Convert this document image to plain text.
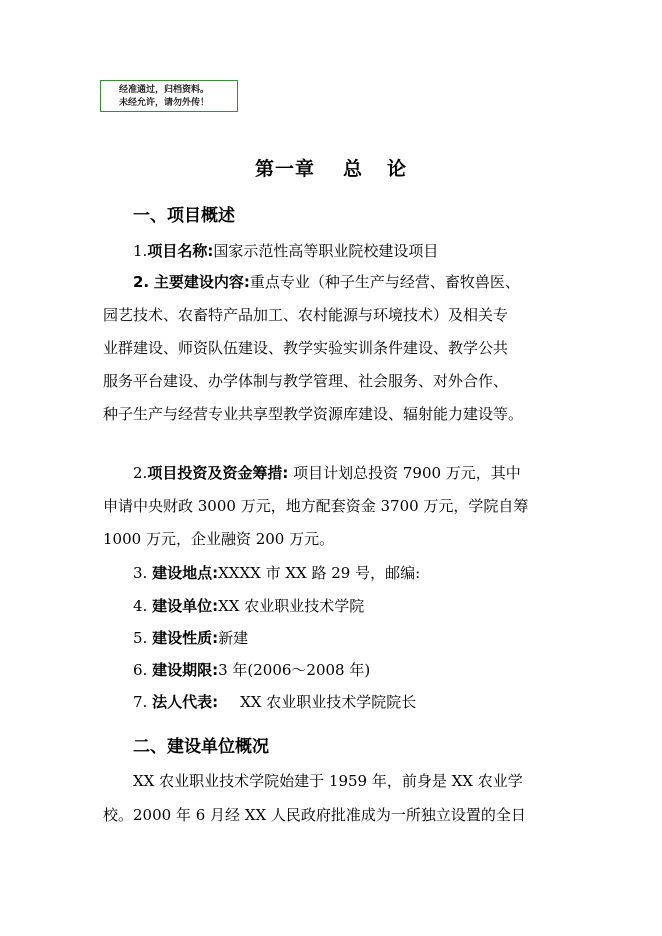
经准通过，归档资料。
未经允许，请勿外传！
第一章 总 论
一、项目概述
1.项目名称:国家示范性高等职业院校建设项目
2. 主要建设内容:重点专业（种子生产与经营、畜牧兽医、
园艺技术、农畜特产品加工、农村能源与环境技术）及相关专
业群建设、师资队伍建设、教学实验实训条件建设、教学公共
服务平台建设、办学体制与教学管理、社会服务、对外合作、
种子生产与经营专业共享型教学资源库建设、辐射能力建设等。
2.项目投资及资金筹措: 项目计划总投资 7900 万元，其中
申请中央财政 3000 万元，地方配套资金 3700 万元，学院自筹
1000 万元，企业融资 200 万元。
3. 建设地点:XXXX 市 XX 路 29 号，邮编:
4. 建设单位:XX 农业职业技术学院
5. 建设性质:新建
6. 建设期限:3 年(2006～2008 年)
7. 法人代表: XX 农业职业技术学院院长
二、建设单位概况
XX 农业职业技术学院始建于 1959 年，前身是 XX 农业学
校。2000 年 6 月经 XX 人民政府批准成为一所独立设置的全日
